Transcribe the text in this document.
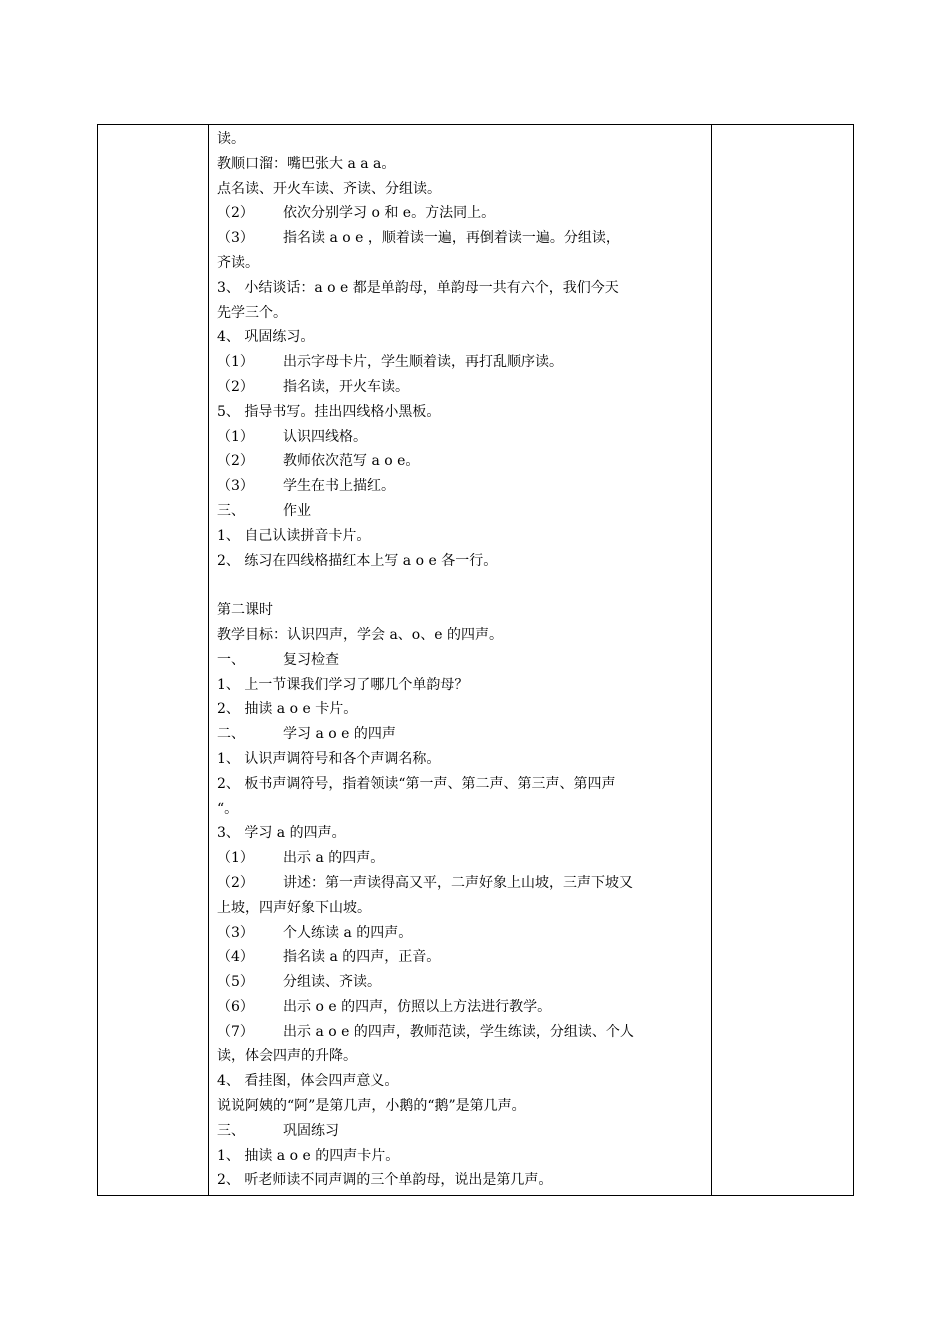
读。
教顺口溜：嘴巴张大 a a a。
点名读、开火车读、齐读、分组读。
（2） 依次分别学习 o 和 e。方法同上。
（3） 指名读 a o e ，顺着读一遍，再倒着读一遍。分组读，
齐读。
3、 小结谈话：a o e 都是单韵母，单韵母一共有六个，我们今天
先学三个。
4、 巩固练习。
（1） 出示字母卡片，学生顺着读，再打乱顺序读。
（2） 指名读，开火车读。
5、 指导书写。挂出四线格小黑板。
（1） 认识四线格。
（2） 教师依次范写 a o e。
（3） 学生在书上描红。
三、	作业
1、 自己认读拼音卡片。
2、 练习在四线格描红本上写 a o e 各一行。
第二课时
教学目标：认识四声，学会 a、o、e 的四声。
一、	复习检查
1、 上一节课我们学习了哪几个单韵母？
2、 抽读 a o e 卡片。
二、	学习 a o e 的四声
1、 认识声调符号和各个声调名称。
2、 板书声调符号，指着领读“第一声、第二声、第三声、第四声
“。
3、 学习 a 的四声。
（1） 出示 a 的四声。
（2） 讲述：第一声读得高又平，二声好象上山坡，三声下坡又
上坡，四声好象下山坡。
（3） 个人练读 a 的四声。
（4） 指名读 a 的四声，正音。
（5） 分组读、齐读。
（6） 出示 o e 的四声，仿照以上方法进行教学。
（7） 出示 a o e 的四声，教师范读，学生练读，分组读、个人
读，体会四声的升降。
4、 看挂图，体会四声意义。
说说阿姨的“阿”是第几声，小鹅的“鹅”是第几声。
三、	巩固练习
1、 抽读 a o e 的四声卡片。
2、 听老师读不同声调的三个单韵母，说出是第几声。
